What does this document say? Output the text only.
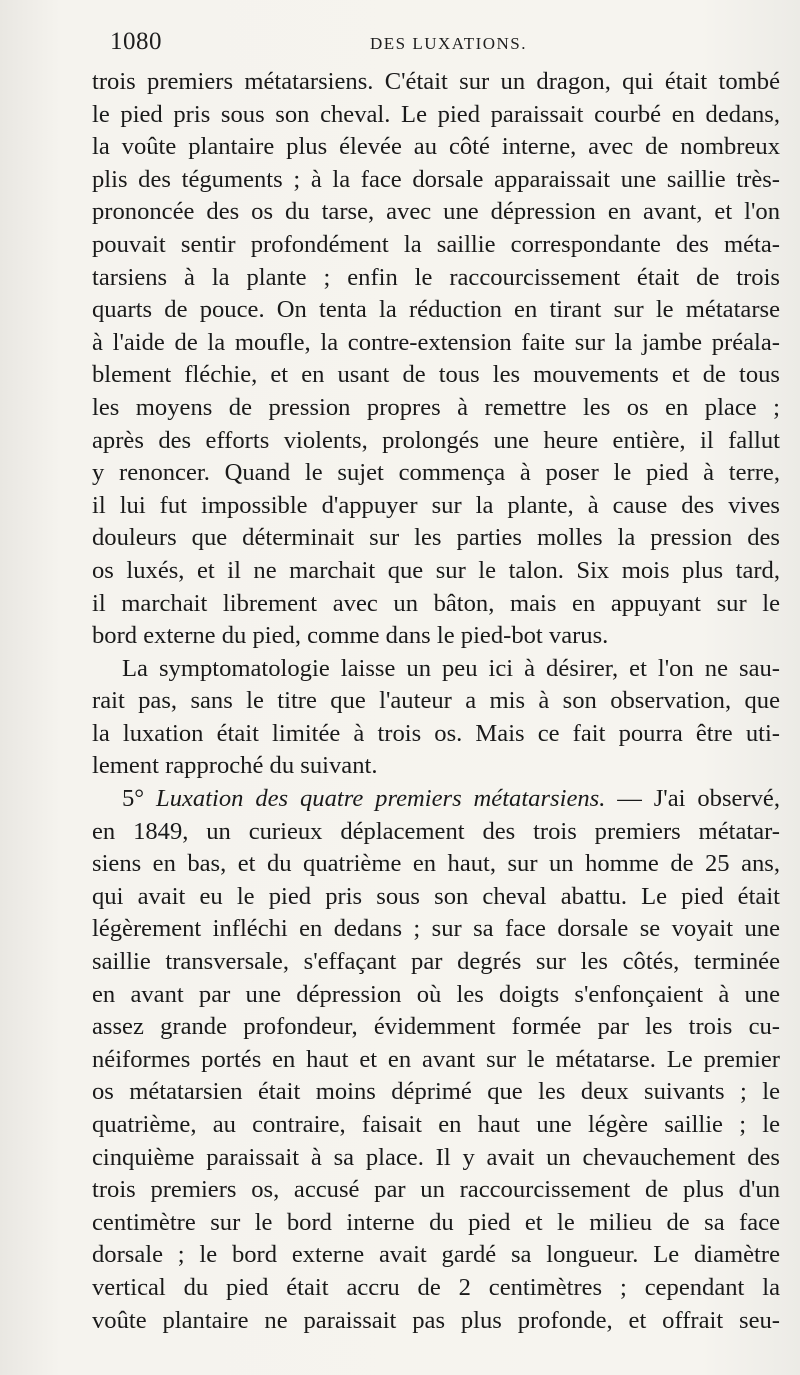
1080	DES LUXATIONS.
trois premiers métatarsiens. C'était sur un dragon, qui était tombé
le pied pris sous son cheval. Le pied paraissait courbé en dedans,
la voûte plantaire plus élevée au côté interne, avec de nombreux
plis des téguments ; à la face dorsale apparaissait une saillie très-
prononcée des os du tarse, avec une dépression en avant, et l'on
pouvait sentir profondément la saillie correspondante des méta-
tarsiens à la plante ; enfin le raccourcissement était de trois
quarts de pouce. On tenta la réduction en tirant sur le métatarse
à l'aide de la moufle, la contre-extension faite sur la jambe préala-
blement fléchie, et en usant de tous les mouvements et de tous
les moyens de pression propres à remettre les os en place ;
après des efforts violents, prolongés une heure entière, il fallut
y renoncer. Quand le sujet commença à poser le pied à terre,
il lui fut impossible d'appuyer sur la plante, à cause des vives
douleurs que déterminait sur les parties molles la pression des
os luxés, et il ne marchait que sur le talon. Six mois plus tard,
il marchait librement avec un bâton, mais en appuyant sur le
bord externe du pied, comme dans le pied-bot varus.
La symptomatologie laisse un peu ici à désirer, et l'on ne sau-
rait pas, sans le titre que l'auteur a mis à son observation, que
la luxation était limitée à trois os. Mais ce fait pourra être uti-
lement rapproché du suivant.
5° Luxation des quatre premiers métatarsiens. — J'ai observé,
en 1849, un curieux déplacement des trois premiers métatar-
siens en bas, et du quatrième en haut, sur un homme de 25 ans,
qui avait eu le pied pris sous son cheval abattu. Le pied était
légèrement infléchi en dedans ; sur sa face dorsale se voyait une
saillie transversale, s'effaçant par degrés sur les côtés, terminée
en avant par une dépression où les doigts s'enfonçaient à une
assez grande profondeur, évidemment formée par les trois cu-
néiformes portés en haut et en avant sur le métatarse. Le premier
os métatarsien était moins déprimé que les deux suivants ; le
quatrième, au contraire, faisait en haut une légère saillie ; le
cinquième paraissait à sa place. Il y avait un chevauchement des
trois premiers os, accusé par un raccourcissement de plus d'un
centimètre sur le bord interne du pied et le milieu de sa face
dorsale ; le bord externe avait gardé sa longueur. Le diamètre
vertical du pied était accru de 2 centimètres ; cependant la
voûte plantaire ne paraissait pas plus profonde, et offrait seu-
